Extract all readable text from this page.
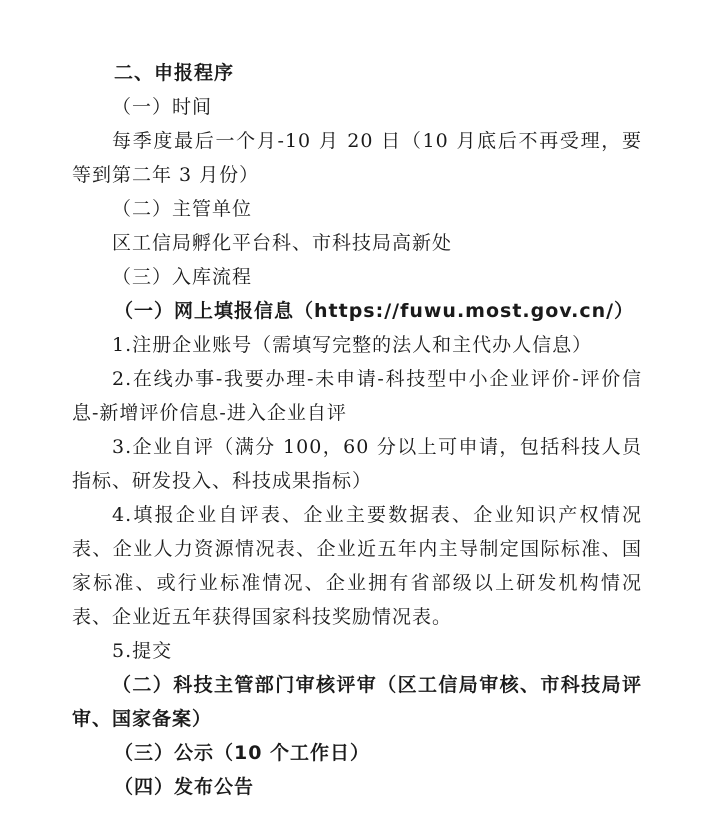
二、申报程序
（一）时间
每季度最后一个月-10 月 20 日（10 月底后不再受理，要等到第二年 3 月份）
（二）主管单位
区工信局孵化平台科、市科技局高新处
（三）入库流程
（一）网上填报信息（https://fuwu.most.gov.cn/）
1.注册企业账号（需填写完整的法人和主代办人信息）
2.在线办事-我要办理-未申请-科技型中小企业评价-评价信息-新增评价信息-进入企业自评
3.企业自评（满分 100，60 分以上可申请，包括科技人员指标、研发投入、科技成果指标）
4.填报企业自评表、企业主要数据表、企业知识产权情况表、企业人力资源情况表、企业近五年内主导制定国际标准、国家标准、或行业标准情况、企业拥有省部级以上研发机构情况表、企业近五年获得国家科技奖励情况表。
5.提交
（二）科技主管部门审核评审（区工信局审核、市科技局评审、国家备案）
（三）公示（10 个工作日）
（四）发布公告
